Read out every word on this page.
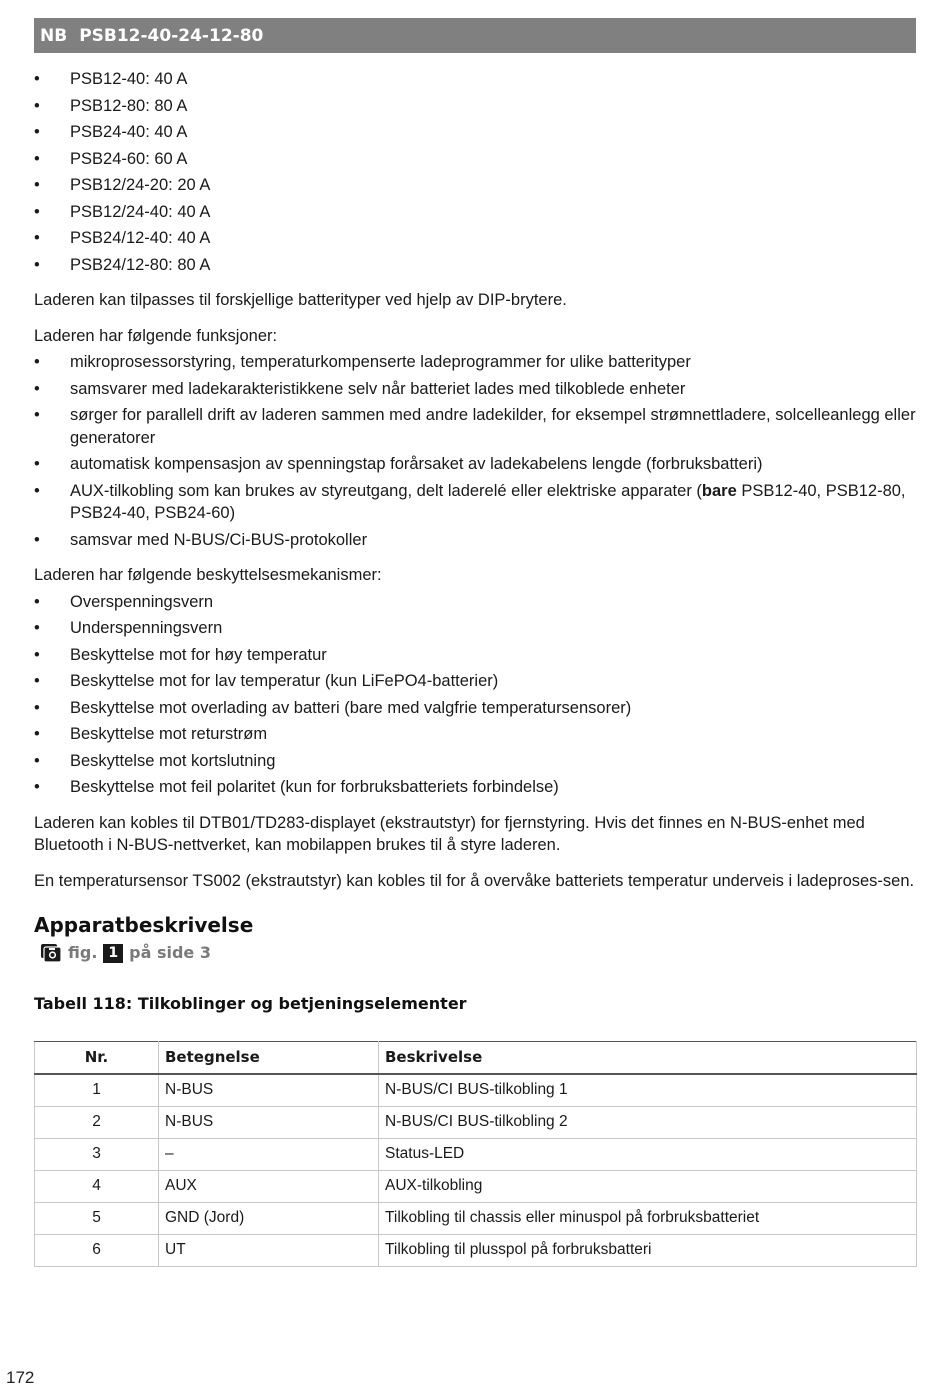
NB PSB12-40-24-12-80
• PSB12-40: 40 A
• PSB12-80: 80 A
• PSB24-40: 40 A
• PSB24-60: 60 A
• PSB12/24-20: 20 A
• PSB12/24-40: 40 A
• PSB24/12-40: 40 A
• PSB24/12-80: 80 A

Laderen kan tilpasses til forskjellige batterityper ved hjelp av DIP-brytere.

Laderen har følgende funksjoner:

• mikroprosessorstyring, temperaturkompenserte ladeprogrammer for ulike batterityper
• samsvarer med ladekarakteristikkene selv når batteriet lades med tilkoblede enheter
• sørger for parallell drift av laderen sammen med andre ladekilder, for eksempel strømnettladere, solcelleanlegg eller generatorer
• automatisk kompensasjon av spenningstap forårsaket av ladekabelens lengde (forbruksbatteri)
• AUX-tilkobling som kan brukes av styreutgang, delt laderelé eller elektriske apparater (bare PSB12-40, PSB12-80, PSB24-40, PSB24-60)
• samsvar med N-BUS/Ci-BUS-protokoller

Laderen har følgende beskyttelsesmekanismer:

• Overspenningsvern
• Underspenningsvern
• Beskyttelse mot for høy temperatur
• Beskyttelse mot for lav temperatur (kun LiFePO4-batterier)
• Beskyttelse mot overlading av batteri (bare med valgfrie temperatursensorer)
• Beskyttelse mot returstrøm
• Beskyttelse mot kortslutning
• Beskyttelse mot feil polaritet (kun for forbruksbatteriets forbindelse)

Laderen kan kobles til DTB01/TD283-displayet (ekstrautstyr) for fjernstyring. Hvis det finnes en N-BUS-enhet med Bluetooth i N-BUS-nettverket, kan mobilappen brukes til å styre laderen.

En temperatursensor TS002 (ekstrautstyr) kan kobles til for å overvåke batteriets temperatur underveis i ladeproses-sen.

Apparatbeskrivelse
fig. 1 på side 3
Tabell 118: Tilkoblinger og betjeningselementer
Nr.	Betegnelse	Beskrivelse
1	N-BUS	N-BUS/CI BUS-tilkobling 1
2	N-BUS	N-BUS/CI BUS-tilkobling 2
3	–	Status-LED
4	AUX	AUX-tilkobling
5	GND (Jord)	Tilkobling til chassis eller minuspol på forbruksbatteriet
6	UT	Tilkobling til plusspol på forbruksbatteri
172
